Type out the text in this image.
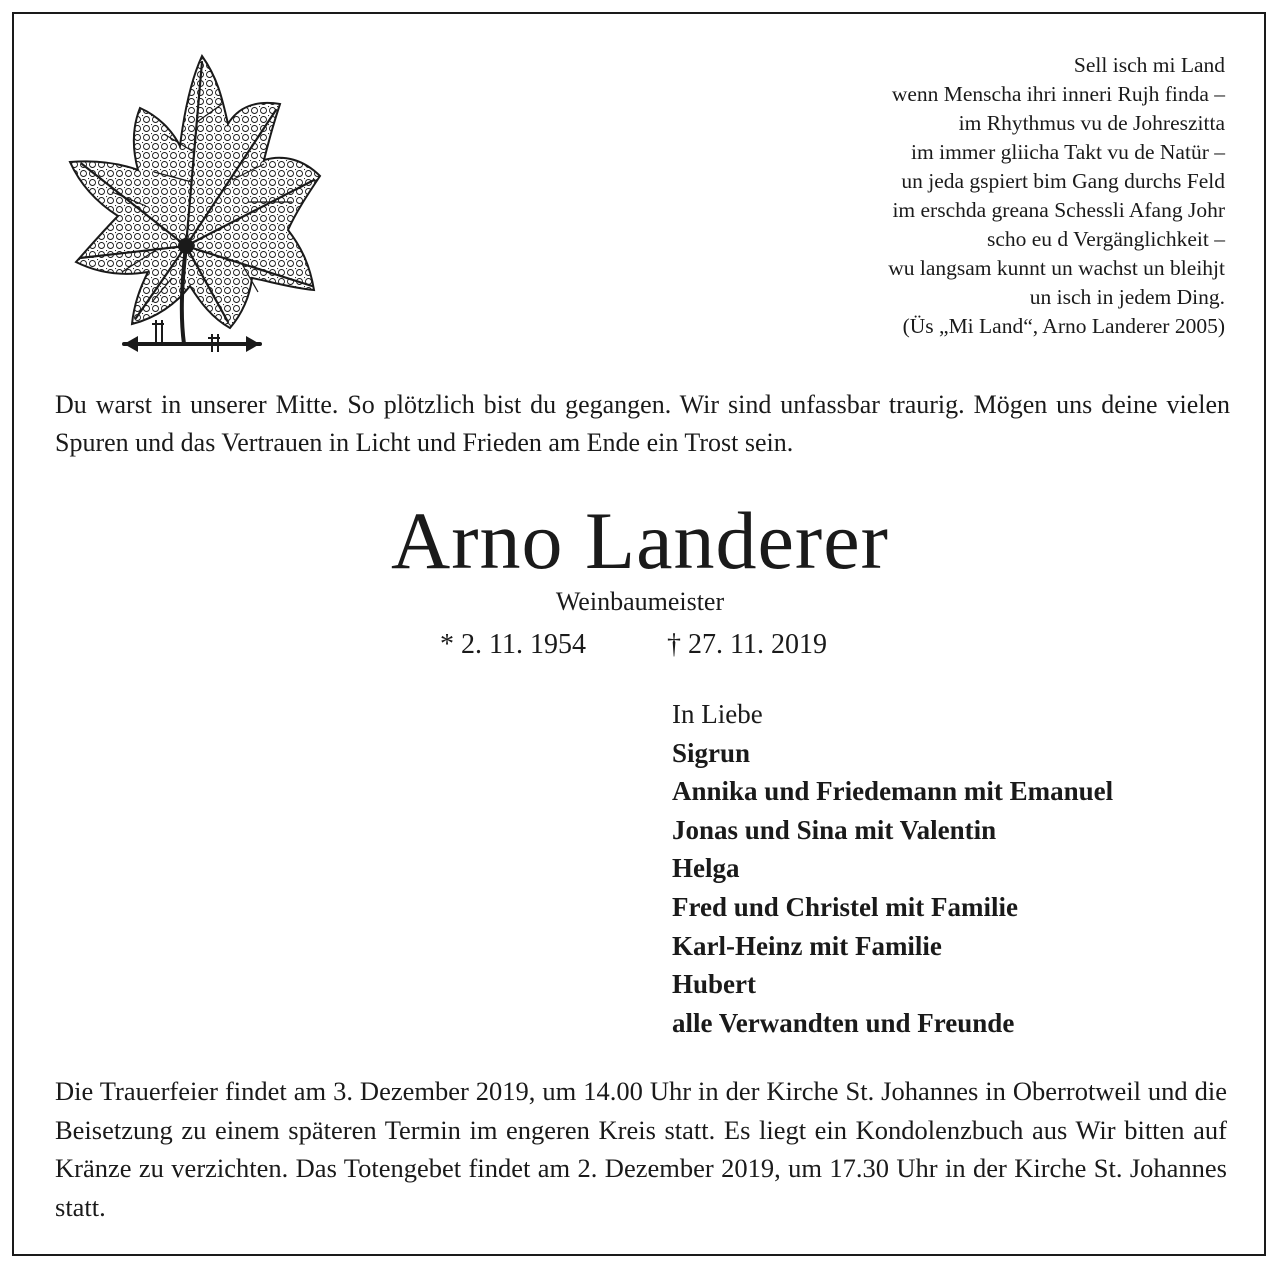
Sell isch mi Land
wenn Menscha ihri inneri Rujh finda –
im Rhythmus vu de Johreszitta
im immer gliicha Takt vu de Natür –
un jeda gspiert bim Gang durchs Feld
im erschda greana Schessli Afang Johr
scho eu d Vergänglichkeit –
wu langsam kunnt un wachst un bleihjt
un isch in jedem Ding.
(Üs „Mi Land“, Arno Landerer 2005)
Du warst in unserer Mitte. So plötzlich bist du gegangen. Wir sind unfassbar traurig. Mögen uns deine vielen Spuren und das Vertrauen in Licht und Frieden am Ende ein Trost sein.
Arno Landerer
Weinbaumeister
* 2. 11. 1954	† 27. 11. 2019
In Liebe
Sigrun
Annika und Friedemann mit Emanuel
Jonas und Sina mit Valentin
Helga
Fred und Christel mit Familie
Karl-Heinz mit Familie
Hubert
alle Verwandten und Freunde
Die Trauerfeier findet am 3. Dezember 2019, um 14.00 Uhr in der Kirche St. Johannes in Oberrotweil und die Beisetzung zu einem späteren Termin im engeren Kreis statt. Es liegt ein Kondolenzbuch aus Wir bitten auf Kränze zu verzichten. Das Totengebet findet am 2. Dezember 2019, um 17.30 Uhr in der Kirche St. Johannes statt.
